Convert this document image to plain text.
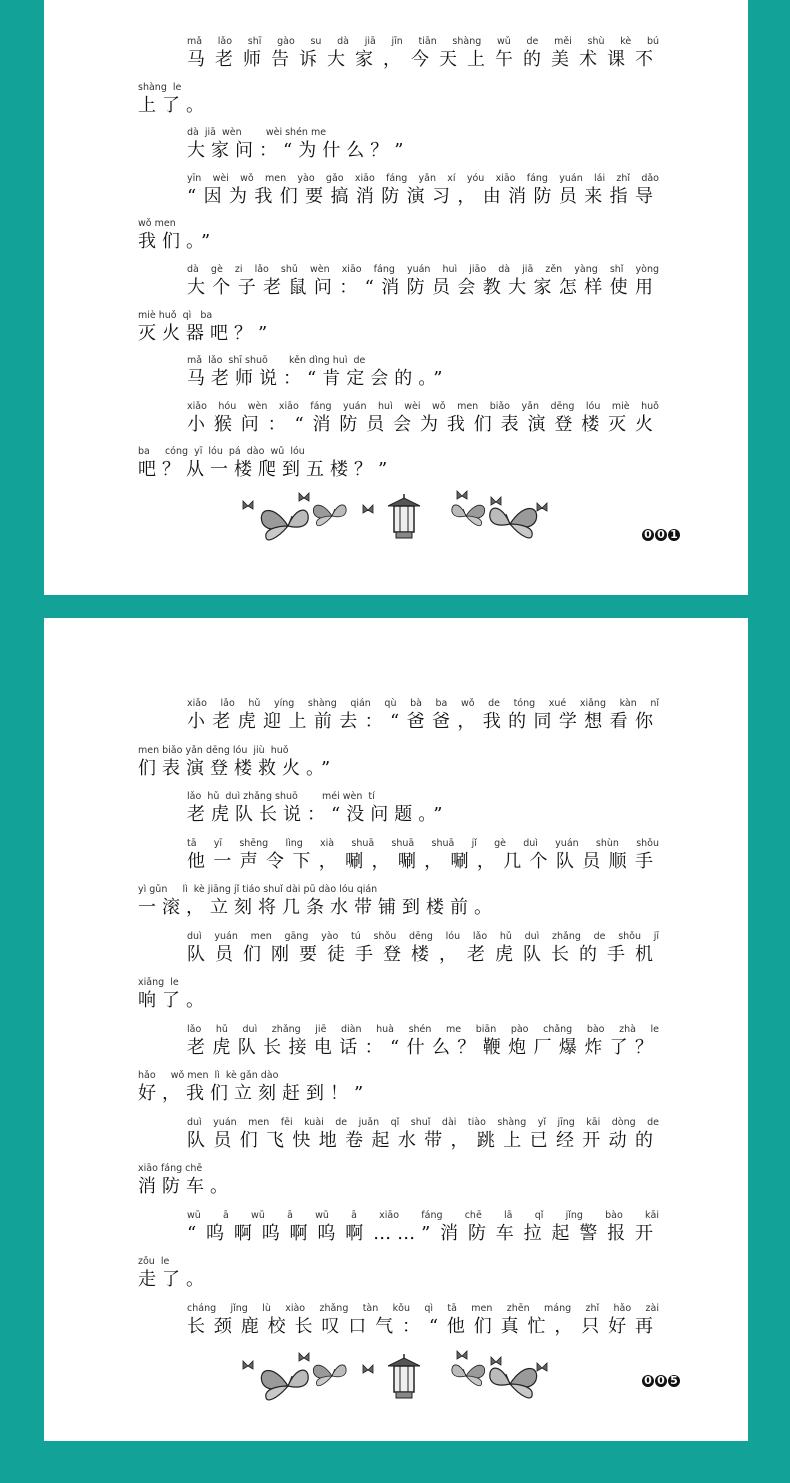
mǎ lǎo shī gào su dà jiā jīn tiān shàng wǔ de měi shù kè bú
马老师告诉大家，今天上午的美术课不
shàng  le
上了。
dà  jiā  wèn        wèi shén me
大家问：“为什么？”
yīn wèi wǒ men yào gǎo xiāo fáng yǎn xí yóu xiāo fáng yuán lái zhǐ dǎo
“因为我们要搞消防演习，由消防员来指导
wǒ men
我们。”
dà gè zi lǎo shǔ wèn xiāo fáng yuán huì jiāo dà jiā zěn yàng shǐ yòng
大个子老鼠问：“消防员会教大家怎样使用
miè huǒ  qì   ba
灭火器吧？”
mǎ  lǎo  shī shuō       kěn dìng huì  de
马老师说：“肯定会的。”
xiǎo hóu wèn xiāo fáng yuán huì wèi wǒ men biǎo yǎn dēng lóu miè huǒ
小猴问：“消防员会为我们表演登楼灭火
ba     cóng  yī  lóu  pá  dào  wǔ  lóu
吧？从一楼爬到五楼？”
0 0 1
xiǎo lǎo hǔ yíng shàng qián qù bà ba wǒ de tóng xué xiǎng kàn nǐ
小老虎迎上前去：“爸爸，我的同学想看你
men biǎo yǎn dēng lóu  jiù  huǒ
们表演登楼救火。”
lǎo  hǔ  duì zhǎng shuō        méi wèn  tí
老虎队长说：“没问题。”
tā yī shēng lìng xià shuā shuā shuā jǐ gè duì yuán shùn shǒu
他一声令下，唰，唰，唰，几个队员顺手
yì gǔn     lì  kè jiāng jǐ tiáo shuǐ dài pū dào lóu qián
一滚，立刻将几条水带铺到楼前。
duì yuán men gāng yào tú shǒu dēng lóu lǎo hǔ duì zhǎng de shǒu jī
队员们刚要徒手登楼，老虎队长的手机
xiǎng  le
响了。
lǎo hǔ duì zhǎng jiē diàn huà shén me biān pào chǎng bào zhà le
老虎队长接电话：“什么？鞭炮厂爆炸了？
hǎo     wǒ men  lì  kè gǎn dào
好，我们立刻赶到！”
duì yuán men fēi kuài de juǎn qǐ shuǐ dài tiào shàng yǐ jīng kāi dòng de
队员们飞快地卷起水带，跳上已经开动的
xiāo fáng chē
消防车。
wū ā wū ā wū ā xiāo fáng chē lā qǐ jǐng bào kāi
“呜啊呜啊呜啊……”消防车拉起警报开
zǒu  le
走了。
cháng jǐng lù xiào zhǎng tàn kǒu qì tā men zhēn máng zhǐ hǎo zài
长颈鹿校长叹口气：“他们真忙，只好再
0 0 5
